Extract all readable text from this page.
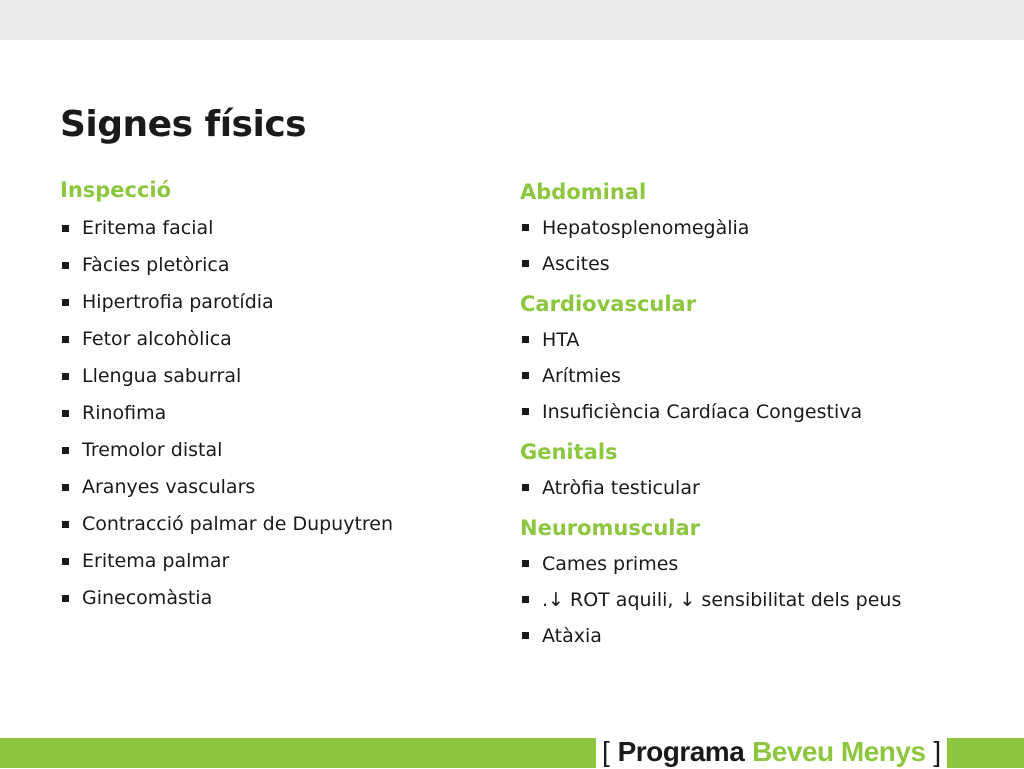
Signes físics
Inspecció
Eritema facial
Fàcies pletòrica
Hipertrofia parotídia
Fetor alcohòlica
Llengua saburral
Rinofima
Tremolor distal
Aranyes vasculars
Contracció palmar de Dupuytren
Eritema palmar
Ginecomàstia
Abdominal
Hepatosplenomegàlia
Ascites
Cardiovascular
HTA
Arítmies
Insuficiència Cardíaca Congestiva
Genitals
Atròfia testicular
Neuromuscular
Cames primes
.↓ ROT aquili, ↓ sensibilitat dels peus
Atàxia
[ Programa Beveu Menys ]
